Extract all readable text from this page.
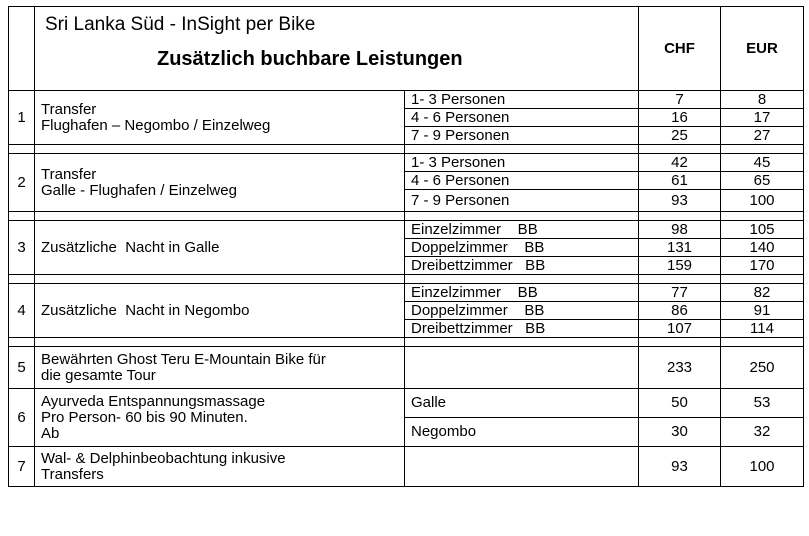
	Sri Lanka Süd - InSight per Bike
Zusätzlich buchbare Leistungen		CHF	EUR
1	Transfer
Flughafen – Negombo / Einzelweg	1- 3 Personen	7	8
		4 - 6 Personen	16	17
		7 - 9 Personen	25	27

2	Transfer
Galle - Flughafen / Einzelweg	1- 3 Personen	42	45
		4 - 6 Personen	61	65
		7 - 9 Personen	93	100

3	Zusätzliche  Nacht in Galle	Einzelzimmer    BB	98	105
		Doppelzimmer    BB	131	140
		Dreibettzimmer   BB	159	170

4	Zusätzliche  Nacht in Negombo	Einzelzimmer    BB	77	82
		Doppelzimmer    BB	86	91
		Dreibettzimmer   BB	107	114

5	Bewährten Ghost Teru E-Mountain Bike für
die gesamte Tour		233	250
6	Ayurveda Entspannungsmassage
Pro Person- 60 bis 90 Minuten.
Ab	Galle	50	53
		Negombo	30	32
7	Wal- & Delphinbeobachtung inkusive
Transfers		93	100
